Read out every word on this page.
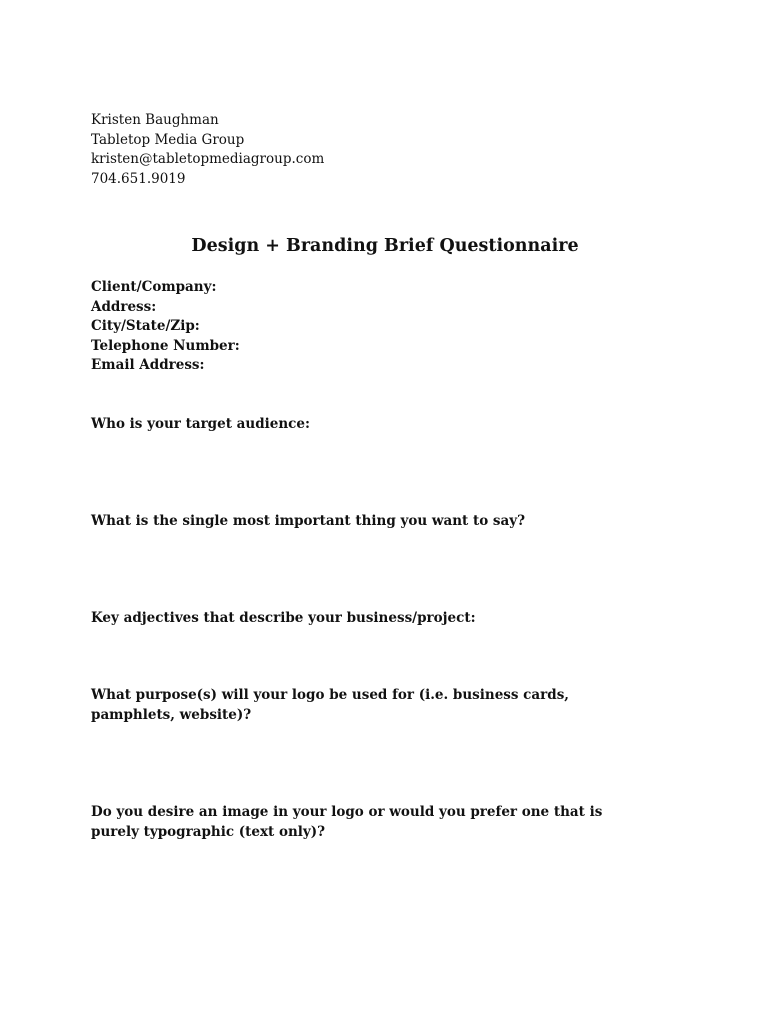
Kristen Baughman
Tabletop Media Group
kristen@tabletopmediagroup.com
704.651.9019
Design + Branding Brief Questionnaire
Client/Company:
Address:
City/State/Zip:
Telephone Number:
Email Address:
Who is your target audience:
What is the single most important thing you want to say?
Key adjectives that describe your business/project:
What purpose(s) will your logo be used for (i.e. business cards, pamphlets, website)?
Do you desire an image in your logo or would you prefer one that is purely typographic (text only)?
